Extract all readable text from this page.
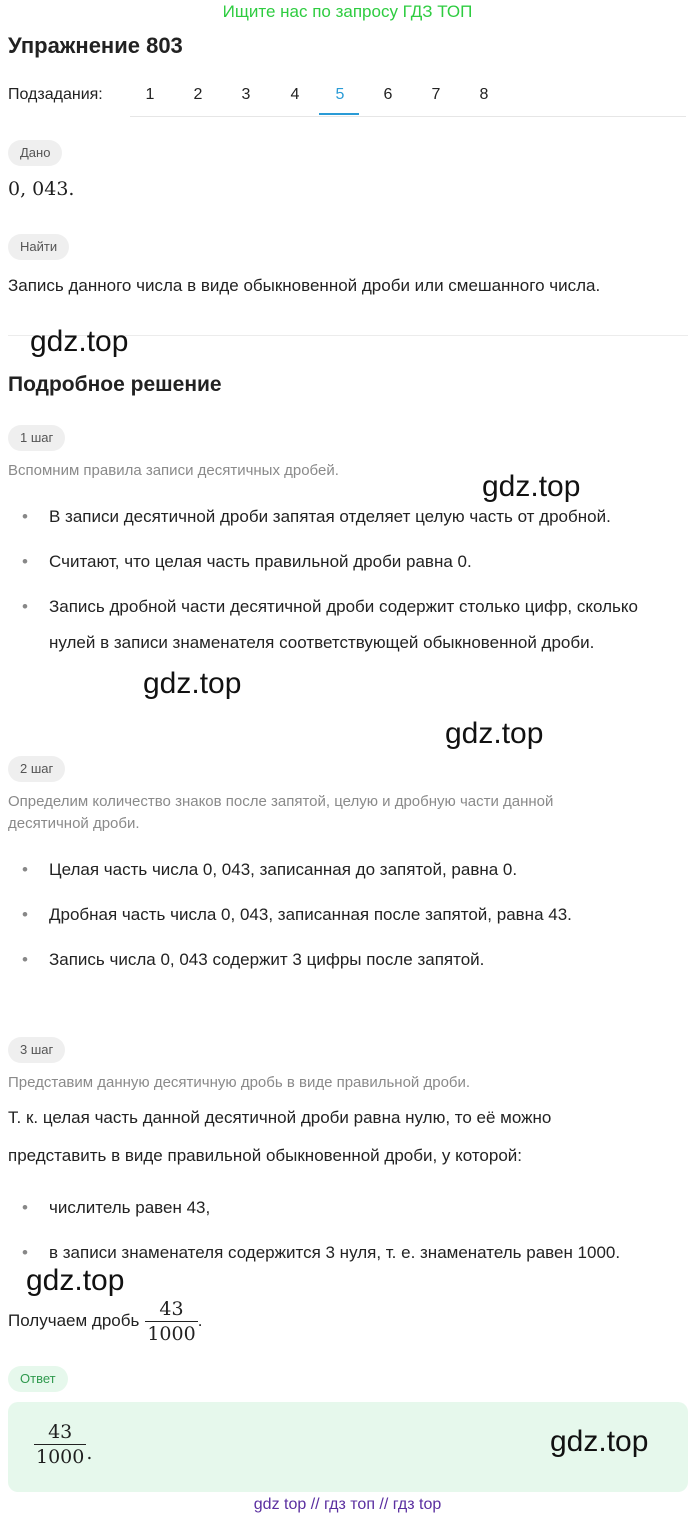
Ищите нас по запросу ГДЗ ТОП
Упражнение 803
Подзадания:	1	2	3	4	5	6	7	8
Дано
0, 043.
Найти
Запись данного числа в виде обыкновенной дроби или смешанного числа.
gdz.top
Подробное решение
1 шаг
Вспомним правила записи десятичных дробей.	gdz.top
• В записи десятичной дроби запятая отделяет целую часть от дробной.
• Считают, что целая часть правильной дроби равна 0.
• Запись дробной части десятичной дроби содержит столько цифр, сколько нулей в записи знаменателя соответствующей обыкновенной дроби.
gdz.top
gdz.top
2 шаг
Определим количество знаков после запятой, целую и дробную части данной десятичной дроби.
• Целая часть числа 0, 043, записанная до запятой, равна 0.
• Дробная часть числа 0, 043, записанная после запятой, равна 43.
• Запись числа 0, 043 содержит 3 цифры после запятой.
3 шаг
Представим данную десятичную дробь в виде правильной дроби.
Т. к. целая часть данной десятичной дроби равна нулю, то её можно
представить в виде правильной обыкновенной дроби, у которой:
• числитель равен 43,
• в записи знаменателя содержится 3 нуля, т. е. знаменатель равен 1000.
gdz.top
Получаем дробь $\frac{43}{1000}$ .
Ответ
$\frac{43}{1000}$ .	gdz.top
gdz top // гдз топ // гдз top
